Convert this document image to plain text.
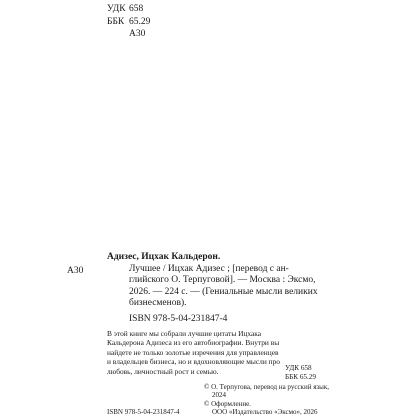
УДК 658
ББК 65.29
А30
Адизес, Ицхак Кальдерон.
А30	Лучшее / Ицхак Адизес ; [перевод с ан-
глийского О. Терпуговой]. — Москва : Эксмо,
2026. — 224 с. — (Гениальные мысли великих
бизнесменов).
ISBN 978-5-04-231847-4
В этой книге мы собрали лучшие цитаты Ицхака
Кальдерона Адизеса из его автобиографии. Внутри вы
найдете не только золотые изречения для управленцев
и владельцев бизнеса, но и вдохновляющие мысли про
любовь, личностный рост и семью.	УДК 658
ББК 65.29
© О. Терпугова, перевод на русский язык,
2024
© Оформление.
ООО «Издательство «Эксмо», 2026
ISBN 978-5-04-231847-4
